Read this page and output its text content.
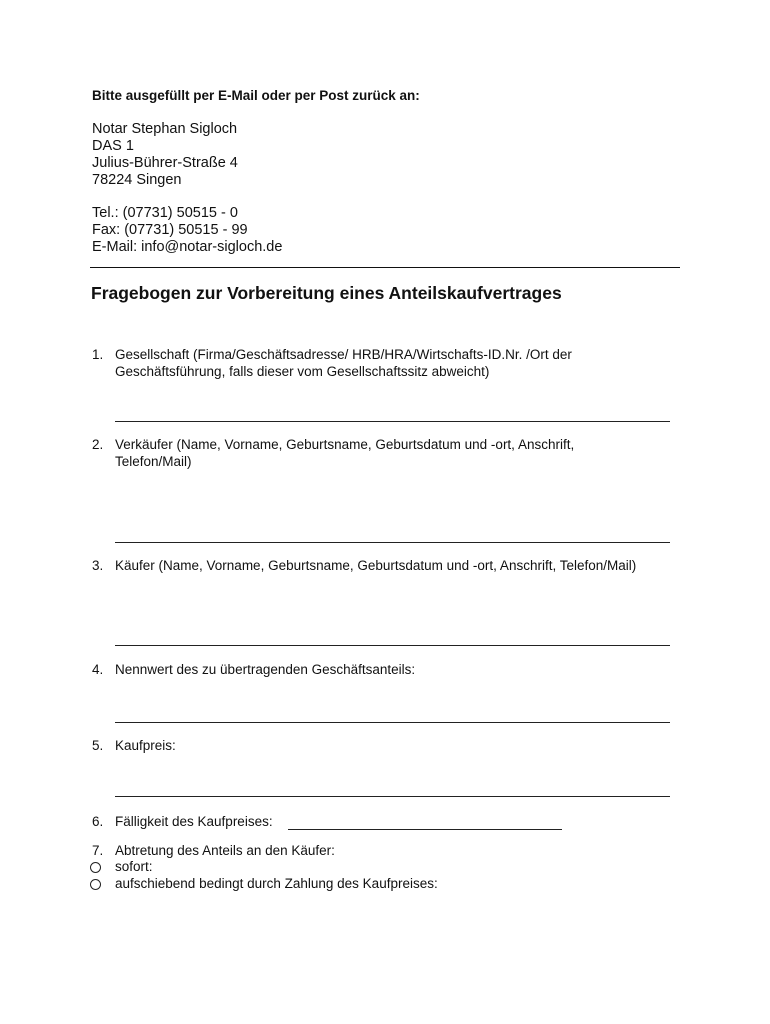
Bitte ausgefüllt per E-Mail oder per Post zurück an:
Notar Stephan Sigloch
DAS 1
Julius-Bührer-Straße 4
78224 Singen
Tel.: (07731) 50515 - 0
Fax: (07731) 50515 - 99
E-Mail: info@notar-sigloch.de
Fragebogen zur Vorbereitung eines Anteilskaufvertrages
1. Gesellschaft (Firma/Geschäftsadresse/ HRB/HRA/Wirtschafts-ID.Nr. /Ort der
Geschäftsführung, falls dieser vom Gesellschaftssitz abweicht)
2. Verkäufer (Name, Vorname, Geburtsname, Geburtsdatum und -ort, Anschrift,
Telefon/Mail)
3. Käufer (Name, Vorname, Geburtsname, Geburtsdatum und -ort, Anschrift, Telefon/Mail)
4. Nennwert des zu übertragenden Geschäftsanteils:
5. Kaufpreis:
6. Fälligkeit des Kaufpreises:
7. Abtretung des Anteils an den Käufer:
sofort:
aufschiebend bedingt durch Zahlung des Kaufpreises:
